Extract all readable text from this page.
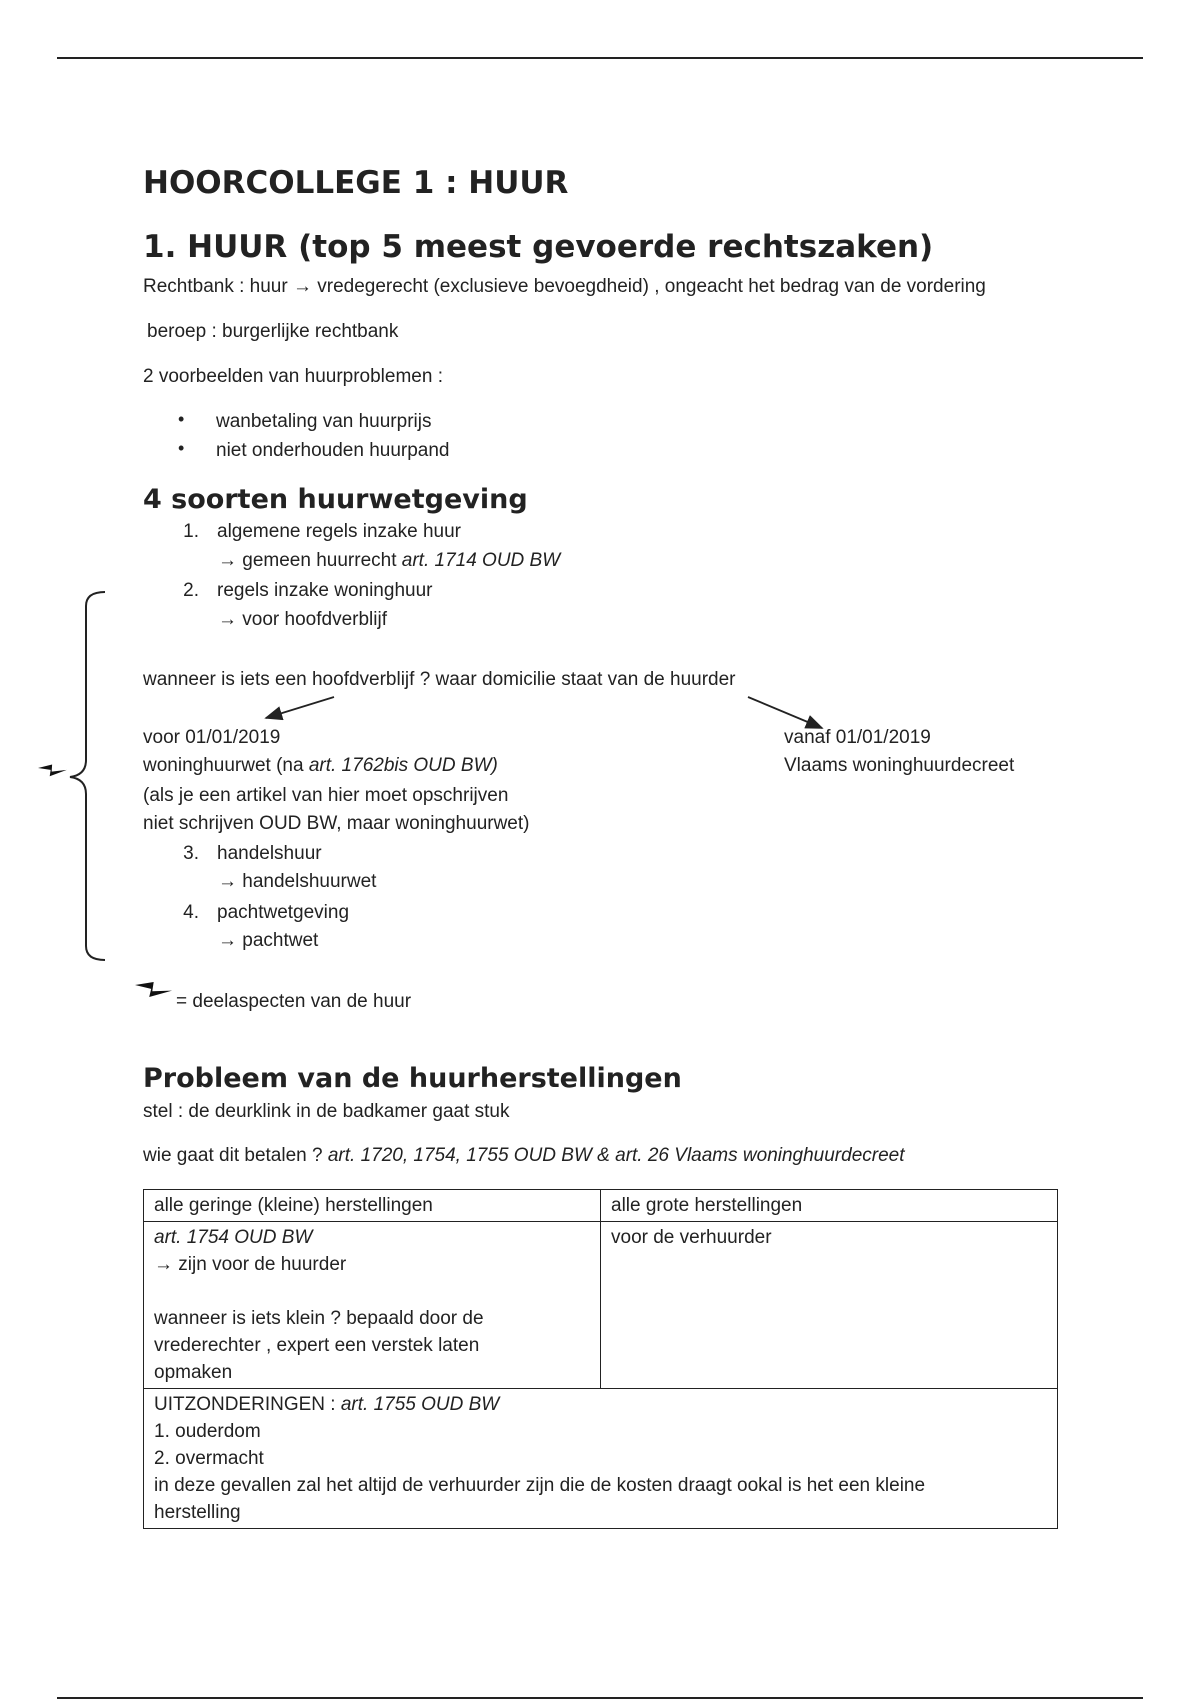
HOORCOLLEGE 1 : HUUR
1. HUUR (top 5 meest gevoerde rechtszaken)
Rechtbank : huur → vredegerecht (exclusieve bevoegdheid) , ongeacht het bedrag van de vordering
beroep : burgerlijke rechtbank
2 voorbeelden van huurproblemen :
• wanbetaling van huurprijs
• niet onderhouden huurpand
4 soorten huurwetgeving
1. algemene regels inzake huur
→ gemeen huurrecht art. 1714 OUD BW
2. regels inzake woninghuur
→ voor hoofdverblijf
wanneer is iets een hoofdverblijf ? waar domicilie staat van de huurder
voor 01/01/2019
woninghuurwet (na art. 1762bis OUD BW)
(als je een artikel van hier moet opschrijven
niet schrijven OUD BW, maar woninghuurwet)
vanaf 01/01/2019
Vlaams woninghuurdecreet
3. handelshuur
→ handelshuurwet
4. pachtwetgeving
→ pachtwet
= deelaspecten van de huur
Probleem van de huurherstellingen
stel : de deurklink in de badkamer gaat stuk
wie gaat dit betalen ? art. 1720, 1754, 1755 OUD BW & art. 26 Vlaams woninghuurdecreet
alle geringe (kleine) herstellingen	alle grote herstellingen
art. 1754 OUD BW
→ zijn voor de huurder

wanneer is iets klein ? bepaald door de vrederechter , expert een verstek laten opmaken	voor de verhuurder
UITZONDERINGEN : art. 1755 OUD BW
1. ouderdom
2. overmacht

in deze gevallen zal het altijd de verhuurder zijn die de kosten draagt ookal is het een kleine herstelling	
